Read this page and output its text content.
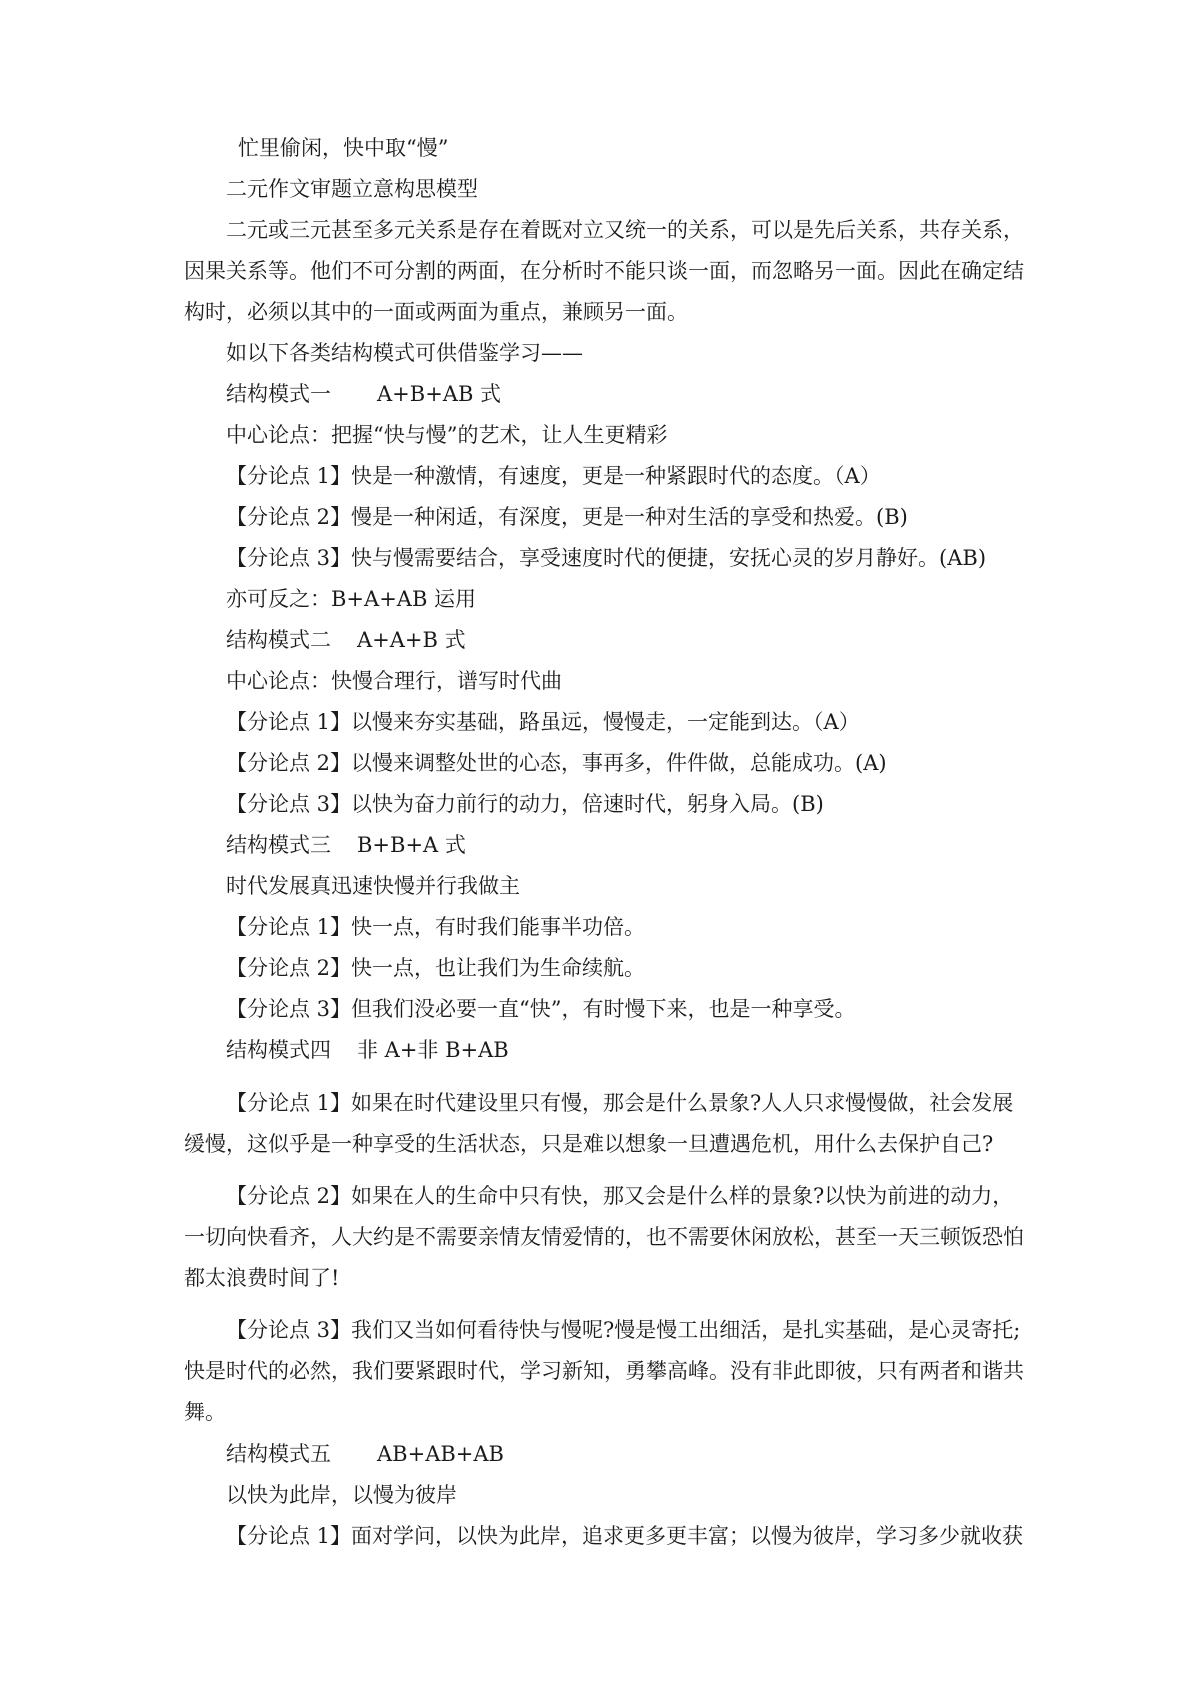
忙里偷闲，快中取“慢”
二元作文审题立意构思模型
二元或三元甚至多元关系是存在着既对立又统一的关系，可以是先后关系，共存关系，
因果关系等。他们不可分割的两面，在分析时不能只谈一面，而忽略另一面。因此在确定结
构时，必须以其中的一面或两面为重点，兼顾另一面。
如以下各类结构模式可供借鉴学习——
结构模式一 A+B+AB 式
中心论点：把握“快与慢”的艺术，让人生更精彩
【分论点 1】快是一种激情，有速度，更是一种紧跟时代的态度。（A）
【分论点 2】慢是一种闲适，有深度，更是一种对生活的享受和热爱。(B)
【分论点 3】快与慢需要结合，享受速度时代的便捷，安抚心灵的岁月静好。(AB)
亦可反之：B+A+AB 运用
结构模式二 A+A+B 式
中心论点：快慢合理行，谱写时代曲
【分论点 1】以慢来夯实基础，路虽远，慢慢走，一定能到达。（A）
【分论点 2】以慢来调整处世的心态，事再多，件件做，总能成功。(A)
【分论点 3】以快为奋力前行的动力，倍速时代，躬身入局。(B)
结构模式三 B+B+A 式
时代发展真迅速快慢并行我做主
【分论点 1】快一点，有时我们能事半功倍。
【分论点 2】快一点，也让我们为生命续航。
【分论点 3】但我们没必要一直“快”，有时慢下来，也是一种享受。
结构模式四 非 A+非 B+AB
【分论点 1】如果在时代建设里只有慢，那会是什么景象?人人只求慢慢做，社会发展
缓慢，这似乎是一种享受的生活状态，只是难以想象一旦遭遇危机，用什么去保护自己?
【分论点 2】如果在人的生命中只有快，那又会是什么样的景象?以快为前进的动力，
一切向快看齐，人大约是不需要亲情友情爱情的，也不需要休闲放松，甚至一天三顿饭恐怕
都太浪费时间了!
【分论点 3】我们又当如何看待快与慢呢?慢是慢工出细活，是扎实基础，是心灵寄托;
快是时代的必然，我们要紧跟时代，学习新知，勇攀高峰。没有非此即彼，只有两者和谐共
舞。
结构模式五 AB+AB+AB
以快为此岸，以慢为彼岸
【分论点 1】面对学问，以快为此岸，追求更多更丰富；以慢为彼岸，学习多少就收获
